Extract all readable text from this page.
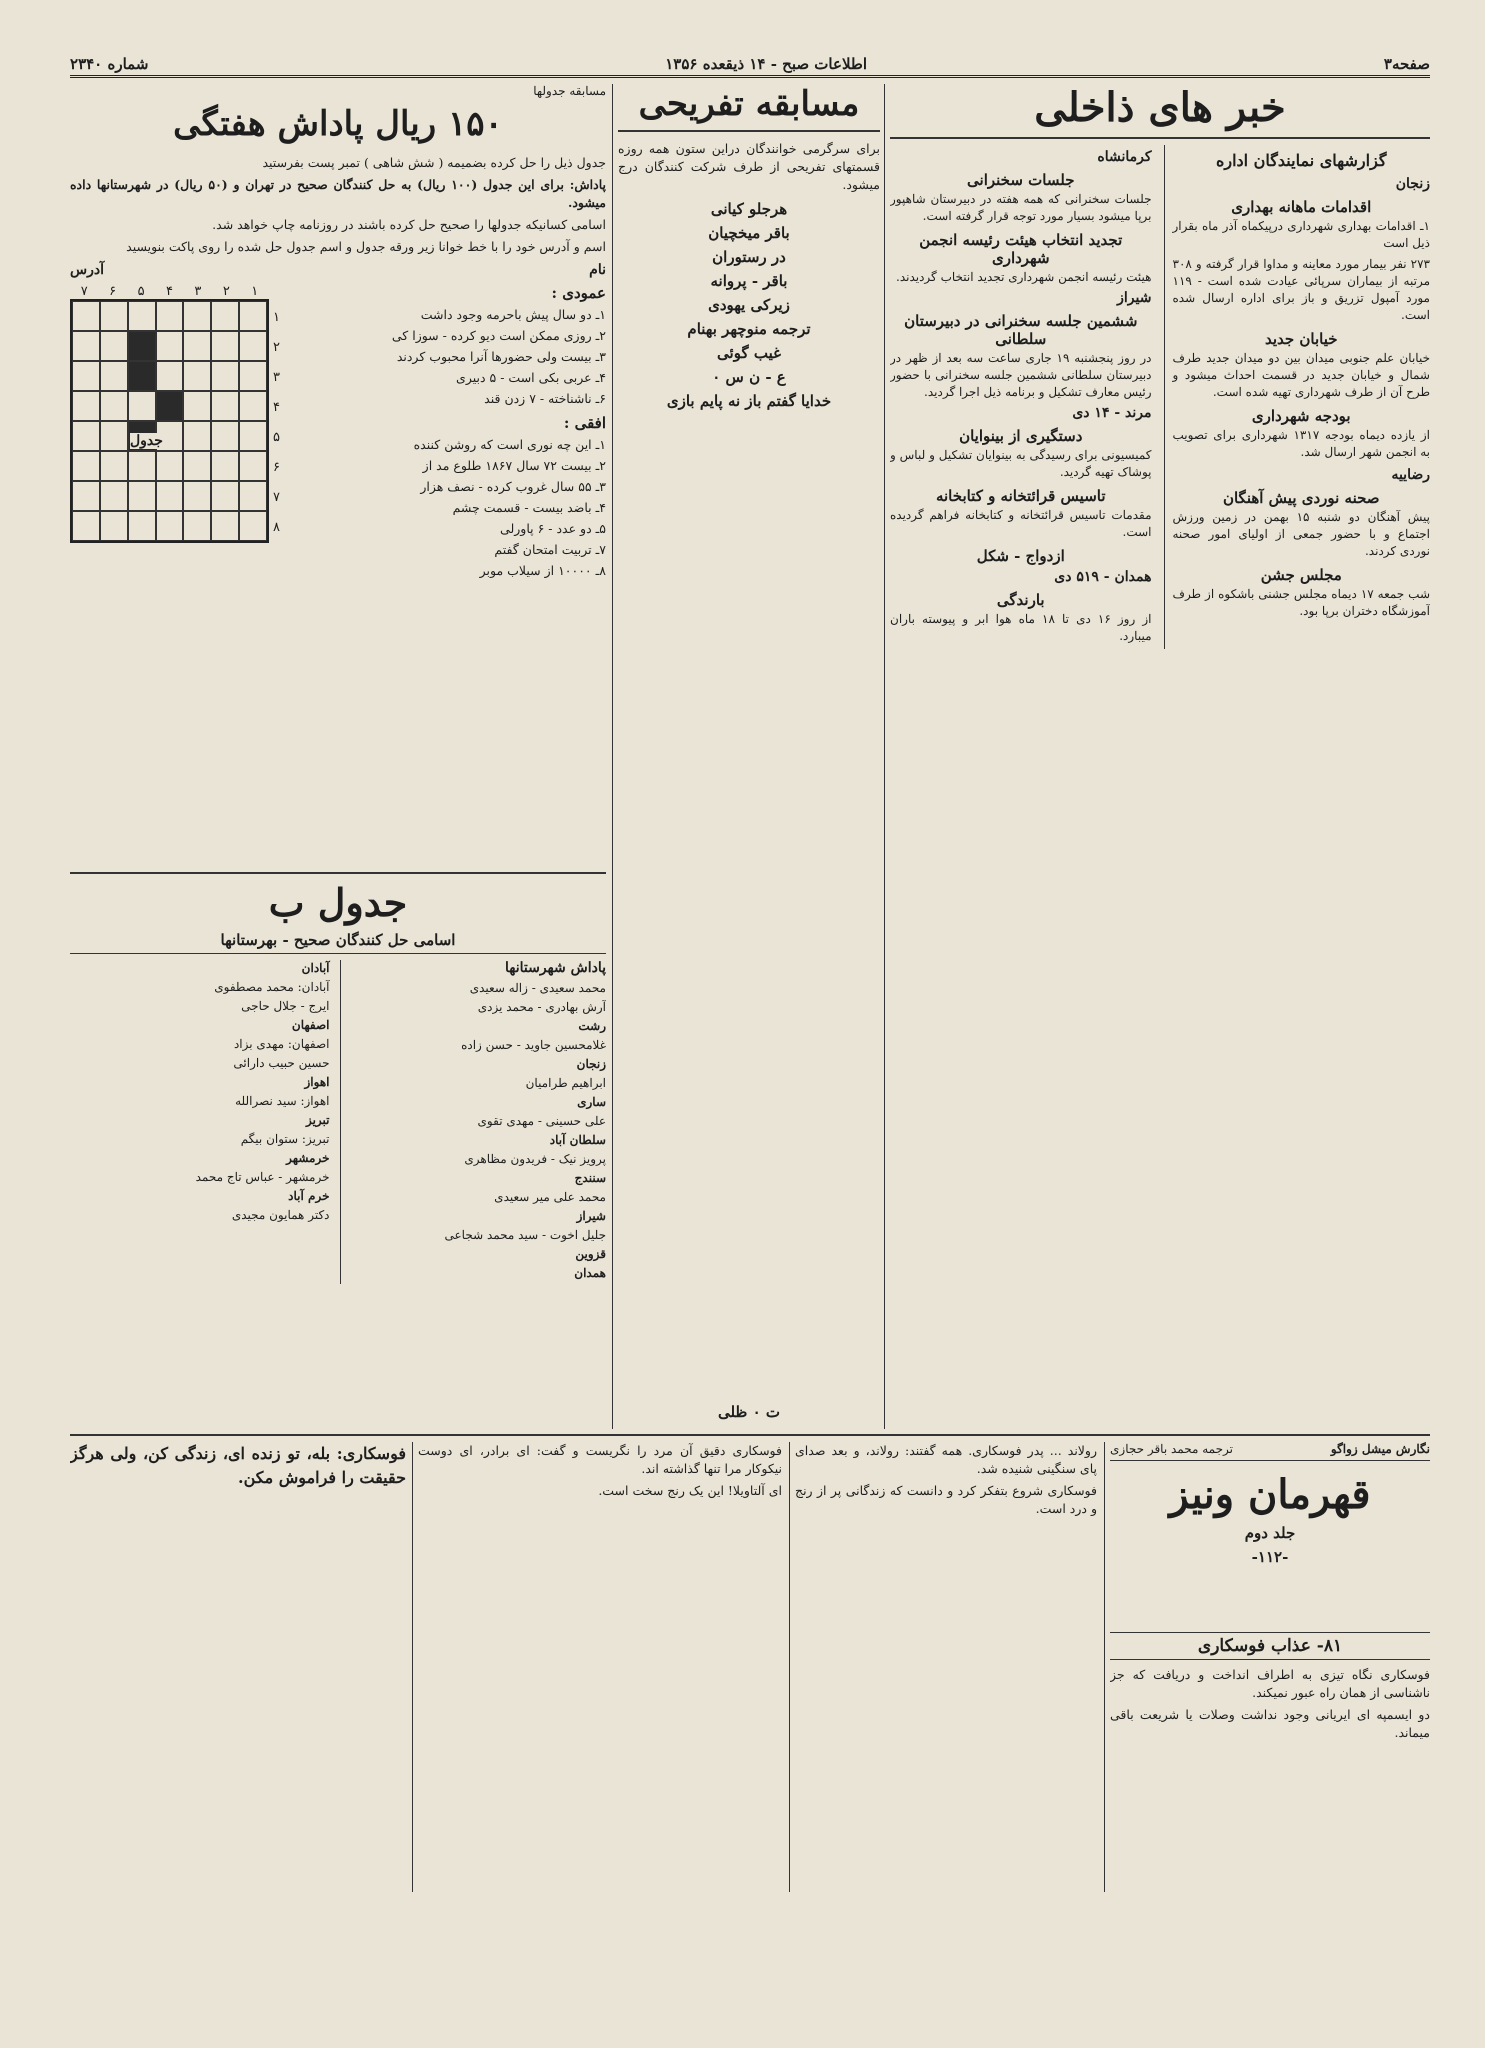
صفحه۳
اطلاعات صبح - ۱۴ ذیقعده ۱۳۵۶
شماره ۲۳۴۰
خبر های ذاخلی
گزارشهای نمایندگان اداره
زنجان
اقدامات ماهانه بهداری

۱ـ اقدامات بهداری شهرداری درپیکماه آذر ماه بقرار ذیل است

۲۷۳ نفر بیمار مورد معاینه و مداوا قرار گرفته و ۳۰۸ مرتبه از بیماران سرپائی عیادت شده است - ۱۱۹ مورد آمپول تزریق و باز برای اداره ارسال شده است.

خیابان جدید

خیابان علم جنوبی میدان بین دو میدان جدید طرف شمال و خیابان جدید در قسمت احداث میشود و طرح آن از طرف شهرداری تهیه شده است.

بودجه شهرداری

از یازده دیماه بودجه ۱۳۱۷ شهرداری برای تصویب به انجمن شهر ارسال شد.

رضاییه
صحنه نوردی پیش آهنگان

پیش آهنگان دو شنبه ۱۵ بهمن در زمین ورزش اجتماع و با حضور جمعی از اولیای امور صحنه نوردی کردند.

مجلس جشن

شب جمعه ۱۷ دیماه مجلس جشنی باشکوه از طرف آموزشگاه دختران برپا بود.

کرمانشاه
جلسات سخنرانی

جلسات سخنرانی که همه هفته در دبیرستان شاهپور برپا میشود بسیار مورد توجه قرار گرفته است.

تجدید انتخاب هیئت رئیسه انجمن شهرداری

هیئت رئیسه انجمن شهرداری تجدید انتخاب گردیدند.

شیراز
ششمین جلسه سخنرانی در دبیرستان سلطانی

در روز پنجشنبه ۱۹ جاری ساعت سه بعد از ظهر در دبیرستان سلطانی ششمین جلسه سخنرانی با حضور رئیس معارف تشکیل و برنامه ذیل اجرا گردید.

مرند - ۱۴ دی
دستگیری از بینوایان

کمیسیونی برای رسیدگی به بینوایان تشکیل و لباس و پوشاک تهیه گردید.

تاسیس قرائتخانه و کتابخانه

مقدمات تاسیس قرائتخانه و کتابخانه فراهم گردیده است.

ازدواج - شکل
همدان - ۵۱۹ دی
بارندگی

از روز ۱۶ دی تا ۱۸ ماه هوا ابر و پیوسته باران میبارد.

مسابقه تفریحی

برای سرگرمی خوانندگان دراین ستون همه روزه قسمتهای تفریحی از طرف شرکت کنندگان درج میشود.

هرجلو کیانی
باقر میخچیان
در رستوران
باقر - پروانه
زیرکی یهودی
ترجمه منوچهر بهنام
غیب گوئی
ع - ن س ۰
خدایا گفتم باز نه پایم بازی
ت ۰ ظلی
مسابقه جدولها
۱۵۰ ریال پاداش هفتگی

جدول ذیل را حل کرده بضمیمه ( شش شاهی ) تمبر پست بفرستید

پاداش: برای این جدول (۱۰۰ ریال) به حل کنندگان صحیح در تهران و (۵۰ ریال) در شهرستانها داده میشود.

اسامی کسانیکه جدولها را صحیح حل کرده باشند در روزنامه چاپ خواهد شد.

اسم و آدرس خود را با خط خوانا زیر ورقه جدول و اسم جدول حل شده را روی پاکت بنویسید

نام
آدرس
عمودی :
۱ـ دو سال پیش باحرمه وجود داشت
۲ـ روزی ممکن است دیو کرده - سوزا کی
۳ـ بیست ولی حضورها آنرا محبوب کردند
۴ـ عربی بکی است - ۵ دبیری
۶ـ ناشناخته - ۷ زدن قند
افقی :
۱ـ این چه نوری است که روشن کننده
۲ـ بیست ۷۲ سال ۱۸۶۷ طلوع مد از
۳ـ ۵۵ سال غروب کرده - نصف هزار
۴ـ باضد بیست - قسمت چشم
۵ـ دو عدد - ۶ پاورلی
۷ـ تربیت امتحان گفتم
۸ـ ۱۰۰۰۰ از سیلاب موبر
۷ ۶ ۵ ۴ ۳ ۲ ۱
جدول
۱
۲
۳
۴
۵
۶
۷
۸
جدول ب
اسامی حل کنندگان صحیح - بهرستانها
پاداش شهرستانها
محمد سعیدی - زاله سعیدی
آرش بهادری - محمد یزدی
رشت
غلامحسین جاوید - حسن زاده
زنجان
ابراهیم طرامیان
ساری
علی حسینی - مهدی تقوی
سلطان آباد
پرویز نیک - فریدون مظاهری
سنندج
محمد علی میر سعیدی
شیراز
جلیل اخوت - سید محمد شجاعی
قزوین
همدان
آبادان
آبادان: محمد مصطفوی
ایرج - جلال حاجی
اصفهان
اصفهان: مهدی بزاد
حسین حبیب دارائی
اهواز
اهواز: سید نصرالله
تبریز
تبریز: ستوان بیگم
خرمشهر
خرمشهر - عباس تاج محمد
خرم آباد
دکتر همایون مجیدی
نگارش میشل زواگو
ترجمه محمد باقر حجازی
قهرمان ونیز
جلد دوم
-۱۱۲-
۸۱- عذاب فوسکاری

فوسکاری نگاه تیزی به اطراف انداخت و دریافت که جز ناشناسی از همان راه عبور نمیکند.

دو ایسمپه ای ایریانی وجود نداشت وصلات یا شریعت باقی میماند.

رولاند ... پدر فوسکاری. همه گفتند: رولاند، و بعد صدای پای سنگینی شنیده شد.

فوسکاری شروع بتفکر کرد و دانست که زندگانی پر از رنج و درد است.

فوسکاری دقیق آن مرد را نگریست و گفت: ای برادر، ای دوست نیکوکار مرا تنها گذاشته اند.

ای آلتاویلا! این یک رنج سخت است.

فوسکاری: بله، تو زنده ای، زندگی کن، ولی هرگز حقیقت را فراموش مکن.
